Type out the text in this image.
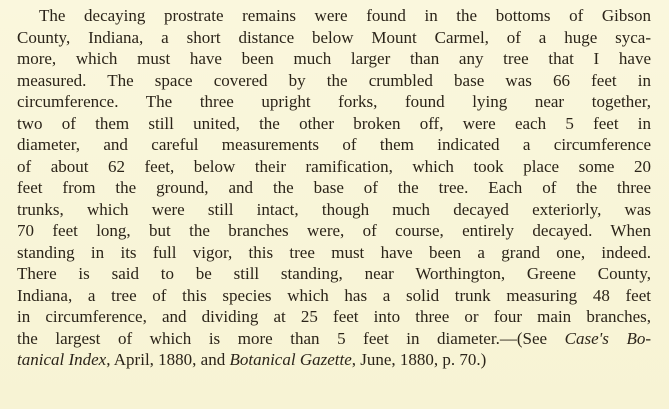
The decaying prostrate remains were found in the bottoms of Gibson
County, Indiana, a short distance below Mount Carmel, of a huge syca-
more, which must have been much larger than any tree that I have
measured. The space covered by the crumbled base was 66 feet in
circumference. The three upright forks, found lying near together,
two of them still united, the other broken off, were each 5 feet in
diameter, and careful measurements of them indicated a circumference
of about 62 feet, below their ramification, which took place some 20
feet from the ground, and the base of the tree. Each of the three
trunks, which were still intact, though much decayed exteriorly, was
70 feet long, but the branches were, of course, entirely decayed. When
standing in its full vigor, this tree must have been a grand one, indeed.
There is said to be still standing, near Worthington, Greene County,
Indiana, a tree of this species which has a solid trunk measuring 48 feet
in circumference, and dividing at 25 feet into three or four main branches,
the largest of which is more than 5 feet in diameter.—(See Case's Bo-
tanical Index, April, 1880, and Botanical Gazette, June, 1880, p. 70.)
